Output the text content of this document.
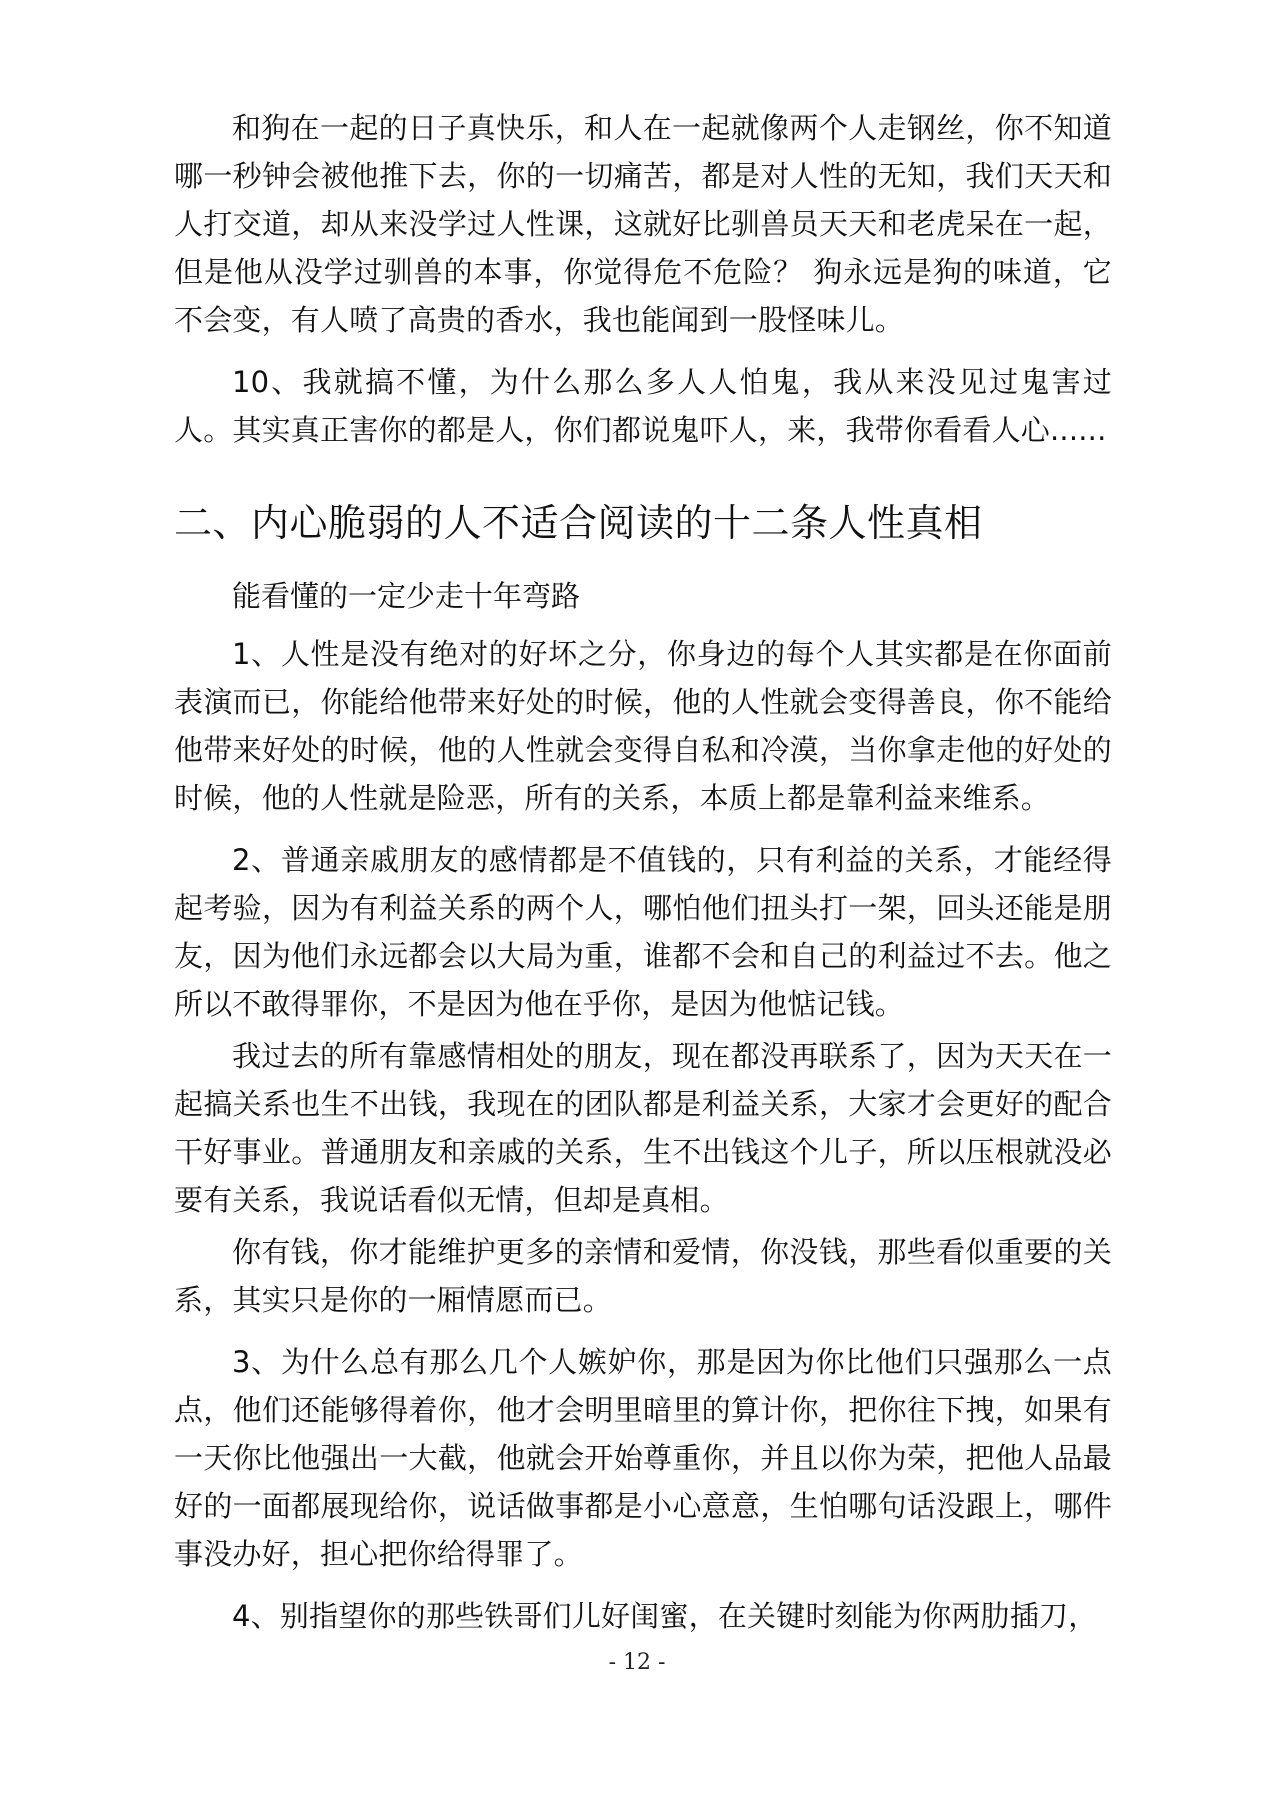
和狗在一起的日子真快乐，和人在一起就像两个人走钢丝，你不知道哪一秒钟会被他推下去，你的一切痛苦，都是对人性的无知，我们天天和人打交道，却从来没学过人性课，这就好比驯兽员天天和老虎呆在一起，但是他从没学过驯兽的本事，你觉得危不危险？ 狗永远是狗的味道，它不会变，有人喷了高贵的香水，我也能闻到一股怪味儿。

10、我就搞不懂，为什么那么多人人怕鬼，我从来没见过鬼害过人。其实真正害你的都是人，你们都说鬼吓人，来，我带你看看人心......

二、内心脆弱的人不适合阅读的十二条人性真相

能看懂的一定少走十年弯路

1、人性是没有绝对的好坏之分，你身边的每个人其实都是在你面前表演而已，你能给他带来好处的时候，他的人性就会变得善良，你不能给他带来好处的时候，他的人性就会变得自私和冷漠，当你拿走他的好处的时候，他的人性就是险恶，所有的关系，本质上都是靠利益来维系。

2、普通亲戚朋友的感情都是不值钱的，只有利益的关系，才能经得起考验，因为有利益关系的两个人，哪怕他们扭头打一架，回头还能是朋友，因为他们永远都会以大局为重，谁都不会和自己的利益过不去。他之所以不敢得罪你，不是因为他在乎你，是因为他惦记钱。

我过去的所有靠感情相处的朋友，现在都没再联系了，因为天天在一起搞关系也生不出钱，我现在的团队都是利益关系，大家才会更好的配合干好事业。普通朋友和亲戚的关系，生不出钱这个儿子，所以压根就没必要有关系，我说话看似无情，但却是真相。

你有钱，你才能维护更多的亲情和爱情，你没钱，那些看似重要的关系，其实只是你的一厢情愿而已。

3、为什么总有那么几个人嫉妒你，那是因为你比他们只强那么一点点，他们还能够得着你，他才会明里暗里的算计你，把你往下拽，如果有一天你比他强出一大截，他就会开始尊重你，并且以你为荣，把他人品最好的一面都展现给你，说话做事都是小心意意，生怕哪句话没跟上，哪件事没办好，担心把你给得罪了。

4、别指望你的那些铁哥们儿好闺蜜，在关键时刻能为你两肋插刀，

- 12 -
